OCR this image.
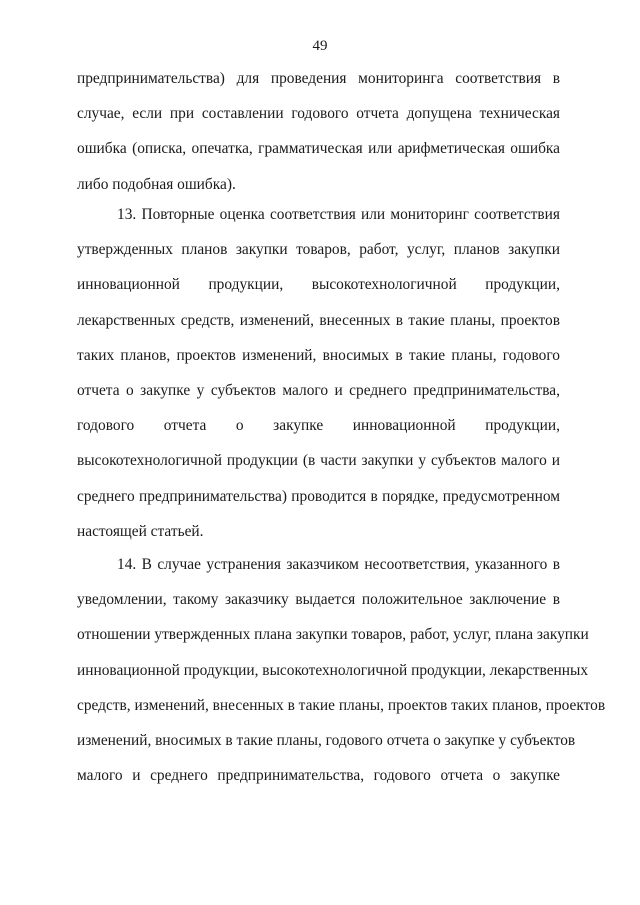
49
предпринимательства) для проведения мониторинга соответствия в
случае, если при составлении годового отчета допущена техническая
ошибка (описка, опечатка, грамматическая или арифметическая ошибка
либо подобная ошибка).
13. Повторные оценка соответствия или мониторинг соответствия
утвержденных планов закупки товаров, работ, услуг, планов закупки
инновационной продукции, высокотехнологичной продукции,
лекарственных средств, изменений, внесенных в такие планы, проектов
таких планов, проектов изменений, вносимых в такие планы, годового
отчета о закупке у субъектов малого и среднего предпринимательства,
годового отчета о закупке инновационной продукции,
высокотехнологичной продукции (в части закупки у субъектов малого и
среднего предпринимательства) проводится в порядке, предусмотренном
настоящей статьей.
14. В случае устранения заказчиком несоответствия, указанного в
уведомлении, такому заказчику выдается положительное заключение в
отношении утвержденных плана закупки товаров, работ, услуг, плана закупки
инновационной продукции, высокотехнологичной продукции, лекарственных
средств, изменений, внесенных в такие планы, проектов таких планов, проектов
изменений, вносимых в такие планы, годового отчета о закупке у субъектов
малого и среднего предпринимательства, годового отчета о закупке
